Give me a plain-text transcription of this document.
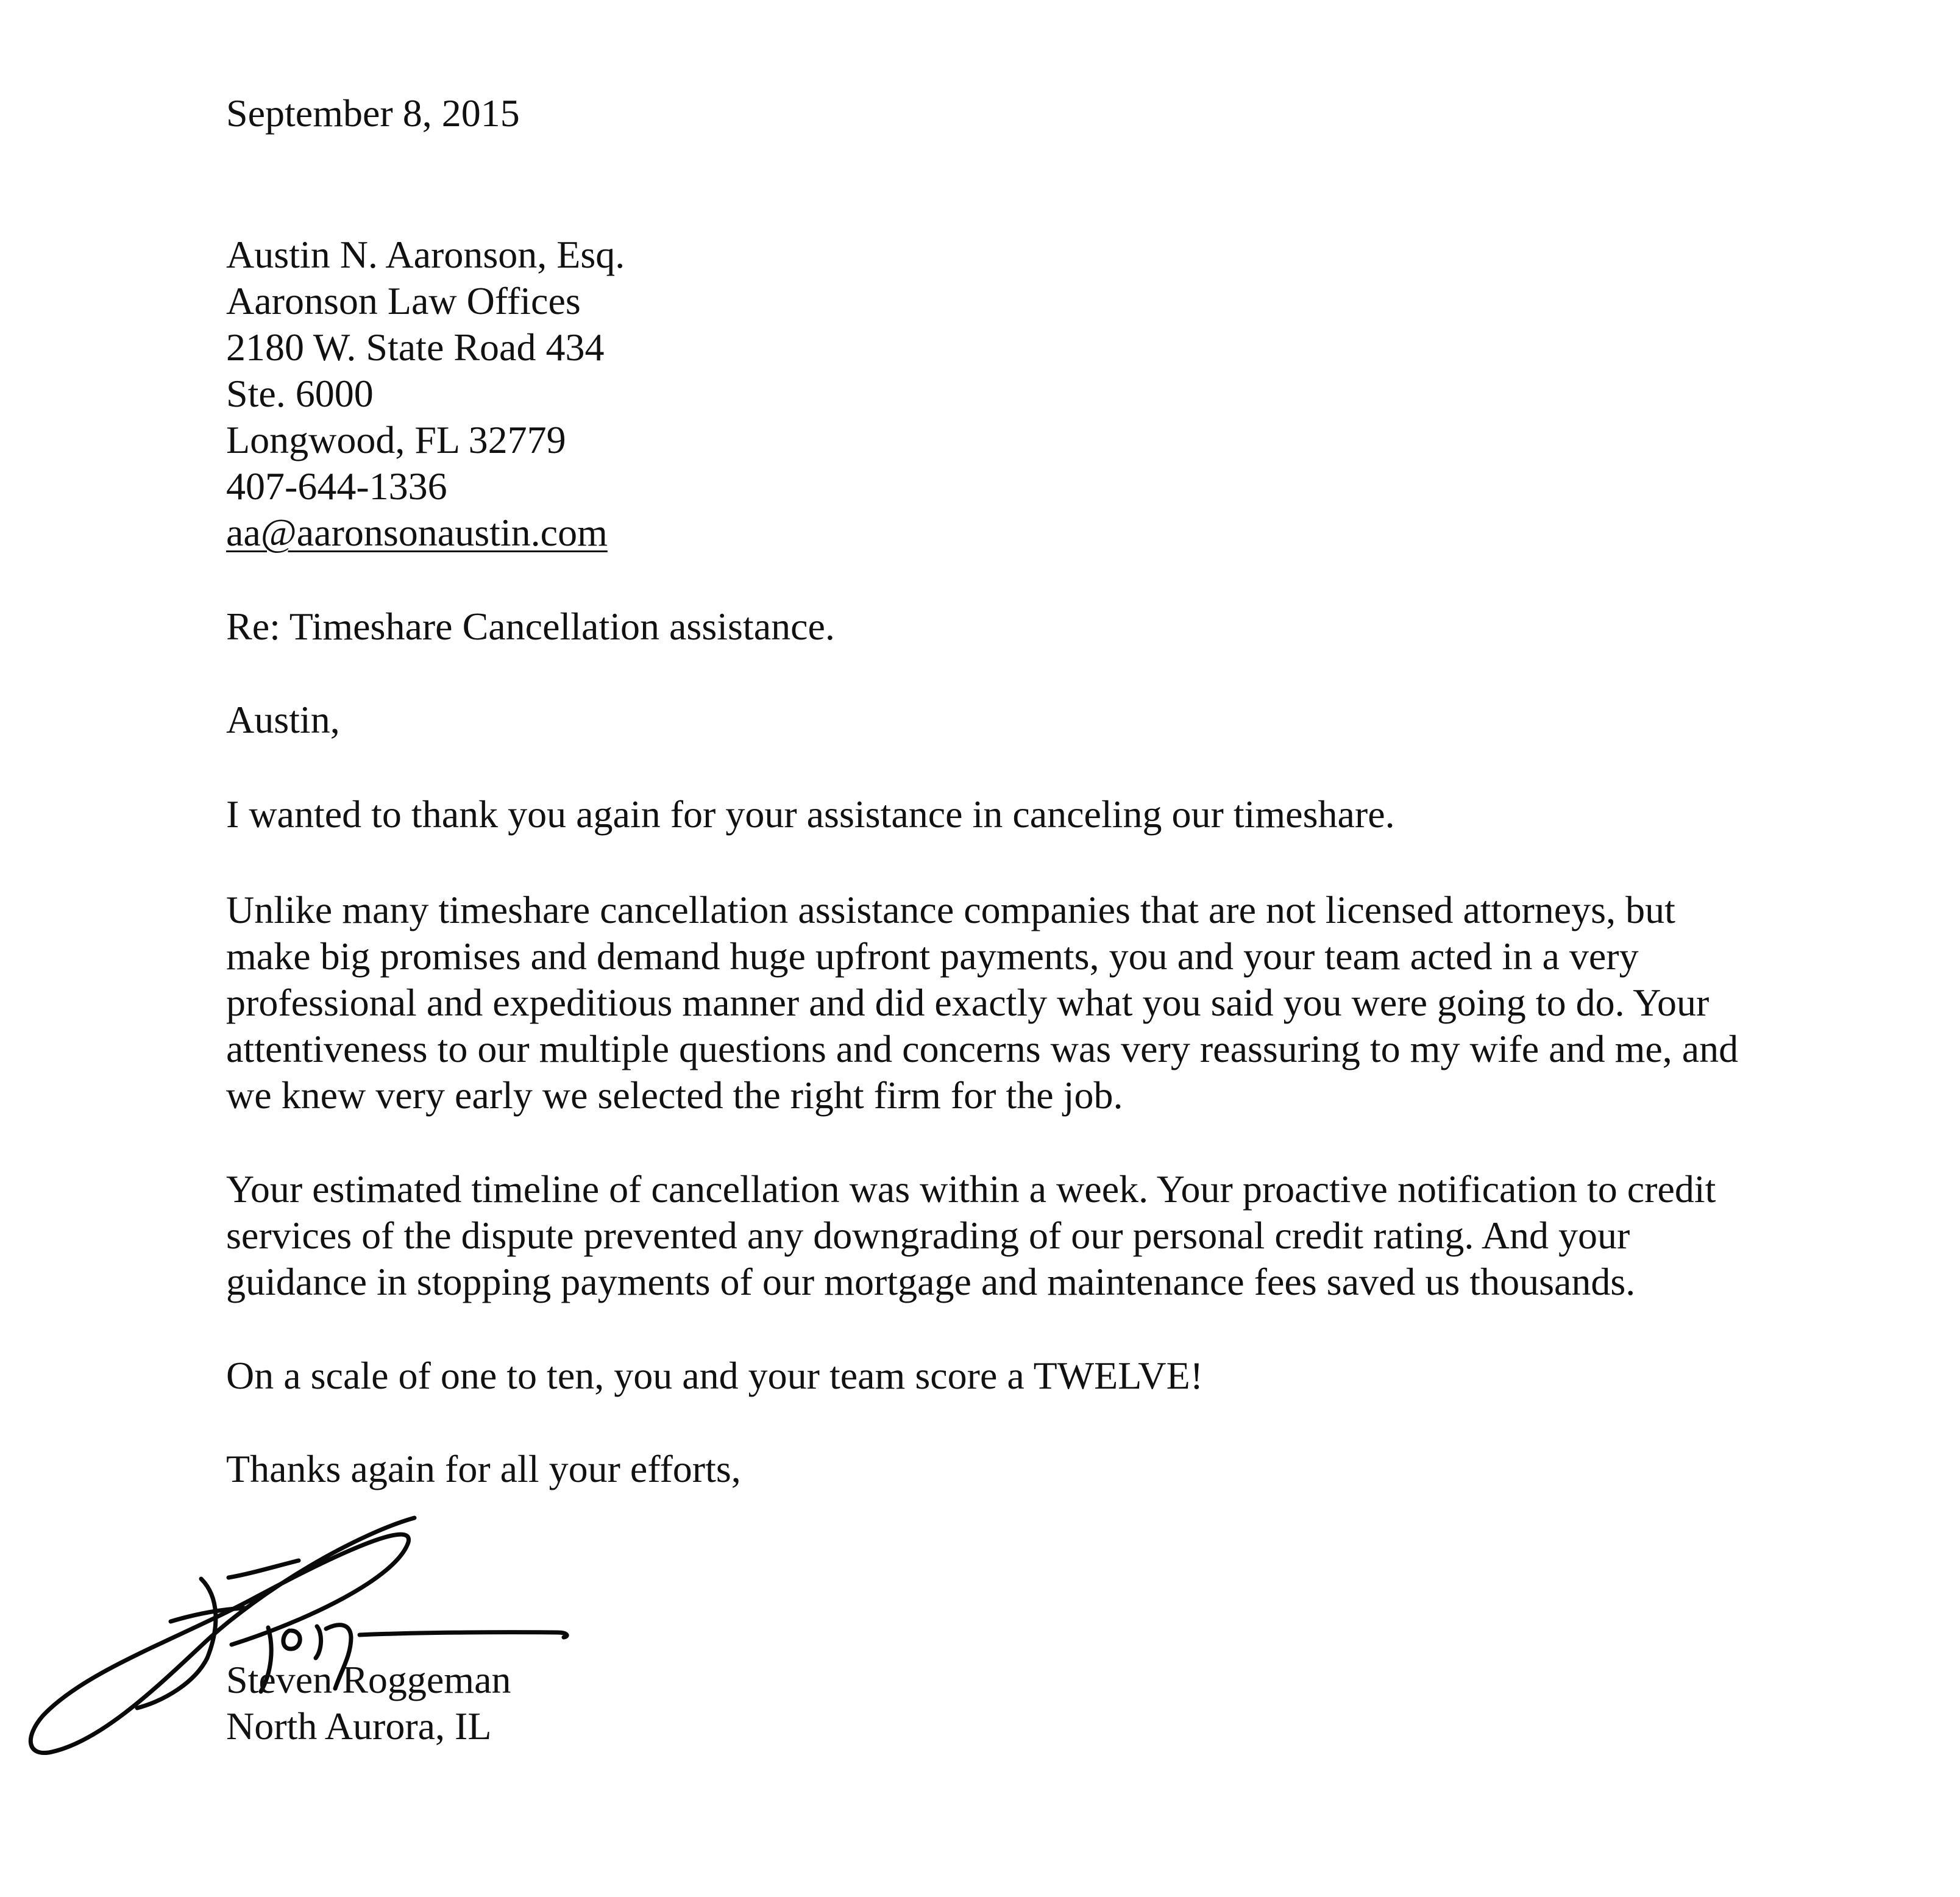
September 8, 2015

Austin N. Aaronson, Esq.

Aaronson Law Offices

2180 W. State Road 434

Ste. 6000

Longwood, FL 32779

407-644-1336

aa@aaronsonaustin.com

Re: Timeshare Cancellation assistance.

Austin,

I wanted to thank you again for your assistance in canceling our timeshare.

Unlike many timeshare cancellation assistance companies that are not licensed attorneys, but

make big promises and demand huge upfront payments, you and your team acted in a very

professional and expeditious manner and did exactly what you said you were going to do. Your

attentiveness to our multiple questions and concerns was very reassuring to my wife and me, and

we knew very early we selected the right firm for the job.

Your estimated timeline of cancellation was within a week. Your proactive notification to credit

services of the dispute prevented any downgrading of our personal credit rating. And your

guidance in stopping payments of our mortgage and maintenance fees saved us thousands.

On a scale of one to ten, you and your team score a TWELVE!

Thanks again for all your efforts,

Steven Roggeman

North Aurora, IL
